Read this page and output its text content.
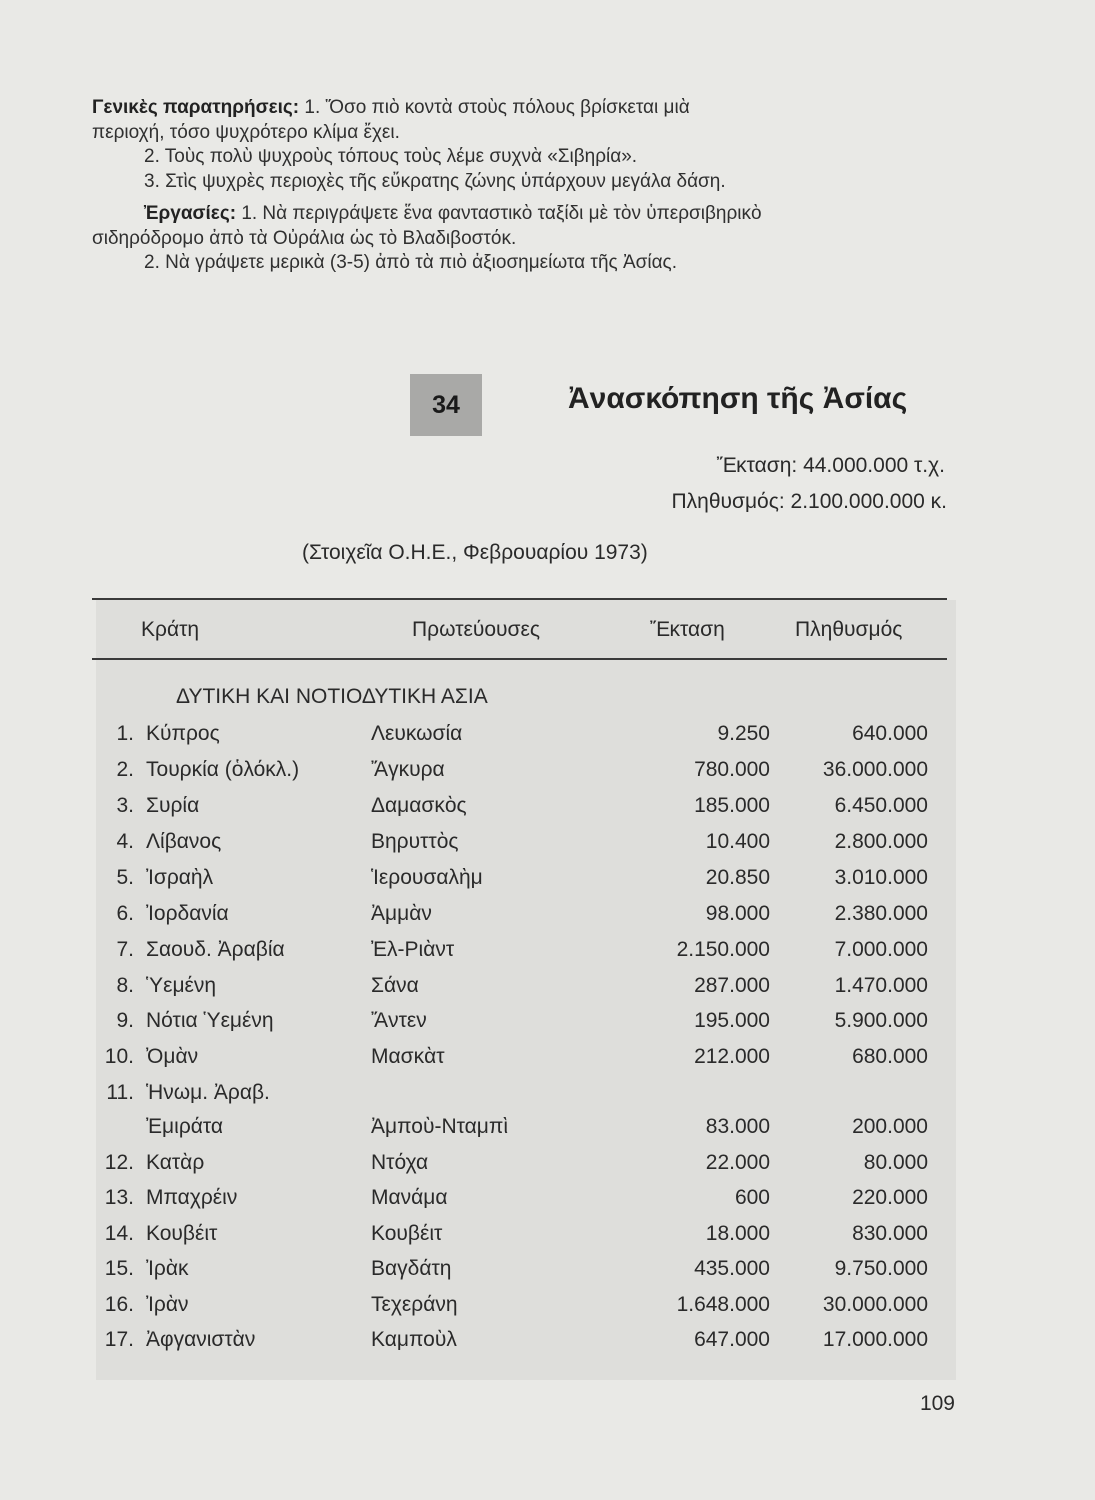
Γενικὲς παρατηρήσεις: 1. Ὅσο πιὸ κοντὰ στοὺς πόλους βρίσκεται μιὰ

περιοχή, τόσο ψυχρότερο κλίμα ἔχει.

2. Τοὺς πολὺ ψυχροὺς τόπους τοὺς λέμε συχνὰ «Σιβηρία».

3. Στὶς ψυχρὲς περιοχὲς τῆς εὔκρατης ζώνης ὑπάρχουν μεγάλα δάση.

Ἐργασίες: 1. Νὰ περιγράψετε ἕνα φανταστικὸ ταξίδι μὲ τὸν ὑπερσιβηρικὸ

σιδηρόδρομο ἀπὸ τὰ Οὐράλια ὡς τὸ Βλαδιβοστόκ.

2. Νὰ γράψετε μερικὰ (3-5) ἀπὸ τὰ πιὸ ἀξιοσημείωτα τῆς Ἀσίας.

34	Ἀνασκόπηση τῆς Ἀσίας
Ἔκταση: 44.000.000 τ.χ.
Πληθυσμός: 2.100.000.000 κ.
(Στοιχεῖα Ο.Η.Ε., Φεβρουαρίου 1973)
Κράτη	Πρωτεύουσες	Ἔκταση	Πληθυσμός
ΔΥΤΙΚΗ ΚΑΙ ΝΟΤΙΟΔΥΤΙΚΗ ΑΣΙΑ
1. Κύπρος	Λευκωσία	9.250	640.000
2. Τουρκία (ὁλόκλ.)	Ἄγκυρα	780.000	36.000.000
3. Συρία	Δαμασκὸς	185.000	6.450.000
4. Λίβανος	Βηρυττὸς	10.400	2.800.000
5. Ἰσραὴλ	Ἱερουσαλὴμ	20.850	3.010.000
6. Ἰορδανία	Ἀμμὰν	98.000	2.380.000
7. Σαουδ. Ἀραβία	Ἐλ-Ριὰντ	2.150.000	7.000.000
8. Ὑεμένη	Σάνα	287.000	1.470.000
9. Νότια Ὑεμένη	Ἄντεν	195.000	5.900.000
10. Ὀμὰν	Μασκὰτ	212.000	680.000
11. Ἡνωμ. Ἀραβ.
Ἐμιράτα	Ἀμποὺ-Νταμπὶ	83.000	200.000
12. Κατὰρ	Ντόχα	22.000	80.000
13. Μπαχρέιν	Μανάμα	600	220.000
14. Κουβέιτ	Κουβέιτ	18.000	830.000
15. Ἰρὰκ	Βαγδάτη	435.000	9.750.000
16. Ἰρὰν	Τεχεράνη	1.648.000	30.000.000
17. Ἀφγανιστὰν	Καμποὺλ	647.000	17.000.000
109
